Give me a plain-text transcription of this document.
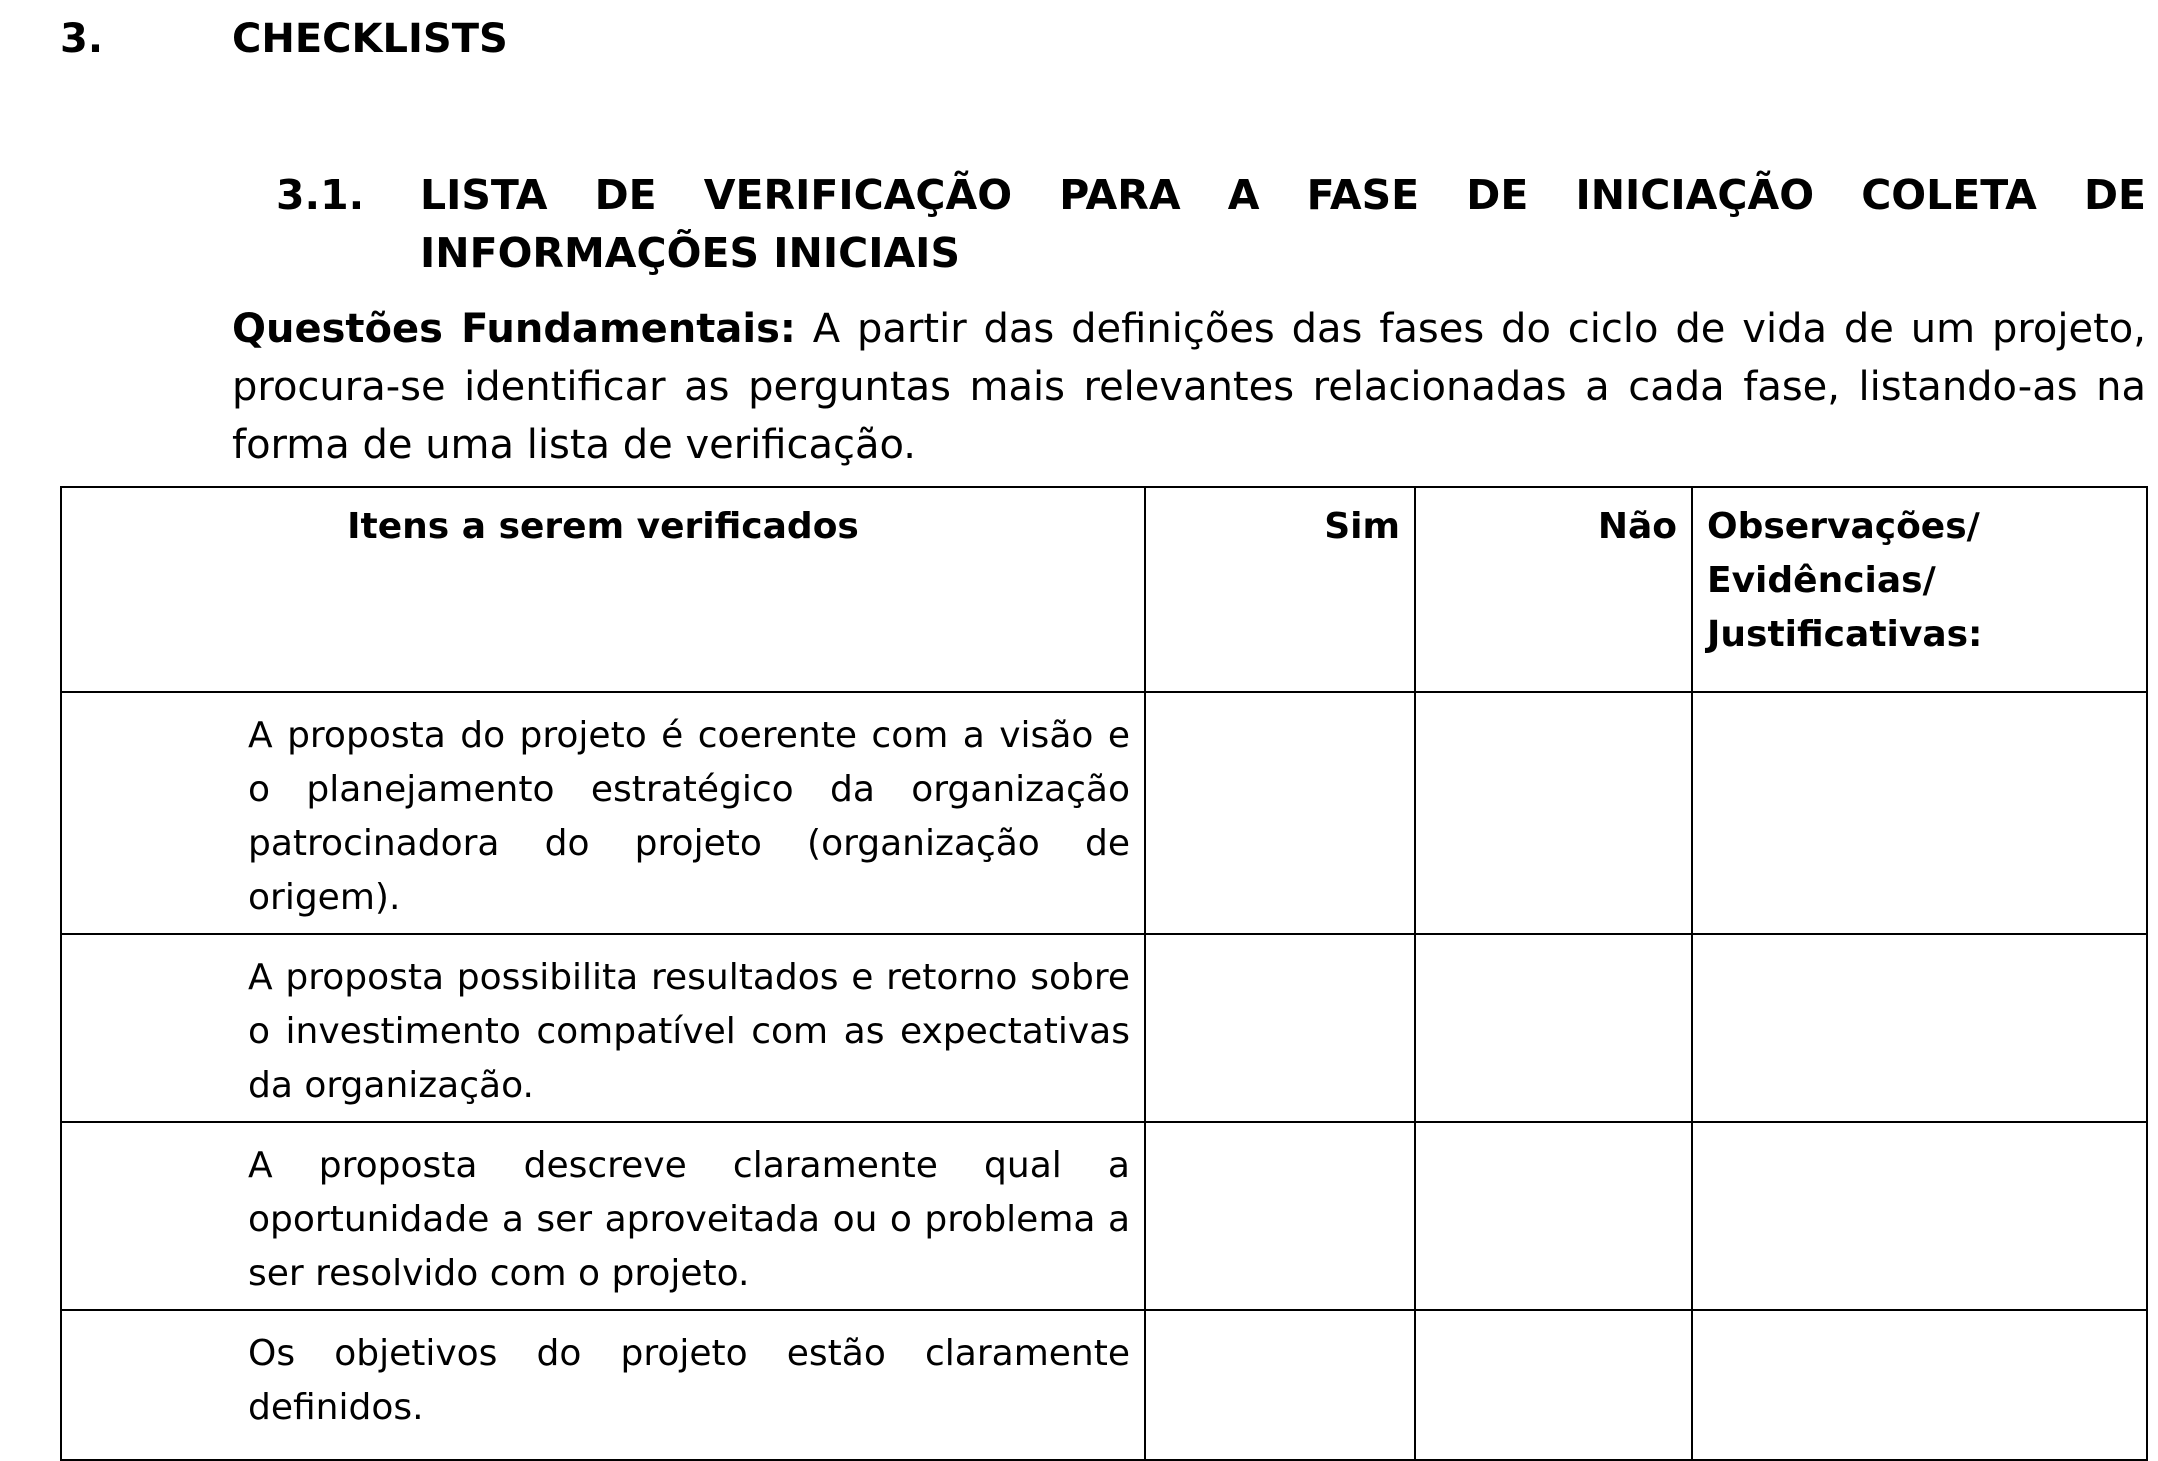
3.	CHECKLISTS
3.1. LISTA DE VERIFICAÇÃO PARA A FASE DE INICIAÇÃO COLETA DE INFORMAÇÕES INICIAIS

Questões Fundamentais: A partir das definições das fases do ciclo de vida de um projeto, procura-se identificar as perguntas mais relevantes relacionadas a cada fase, listando-as na forma de uma lista de verificação.

Itens a serem verificados	Sim	Não	Observações/
Evidências/
Justificativas:
A proposta do projeto é coerente com a visão e o planejamento estratégico da organização patrocinadora do projeto (organização de origem).			
A proposta possibilita resultados e retorno sobre o investimento compatível com as expectativas da organização.			
A proposta descreve claramente qual a oportunidade a ser aproveitada ou o problema a ser resolvido com o projeto.			
Os objetivos do projeto estão claramente definidos.			
